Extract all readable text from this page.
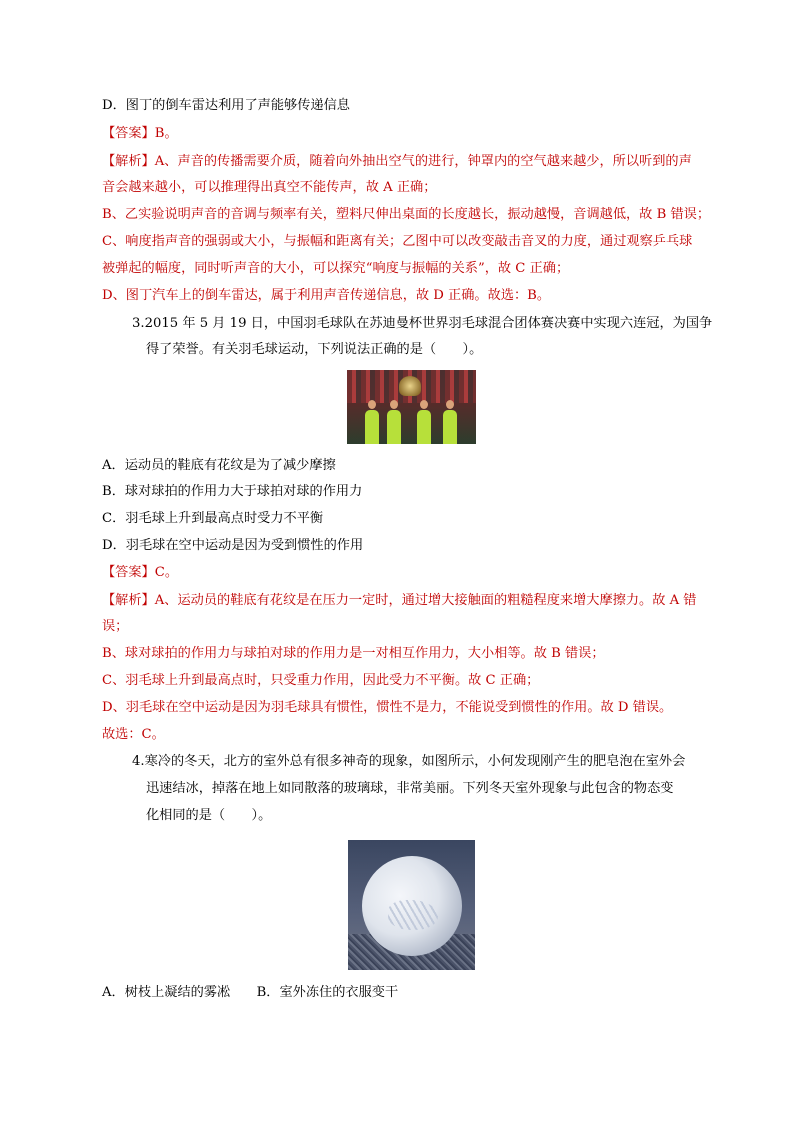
D．图丁的倒车雷达利用了声能够传递信息
【答案】B。
【解析】A、声音的传播需要介质，随着向外抽出空气的进行，钟罩内的空气越来越少，所以听到的声
音会越来越小，可以推理得出真空不能传声，故 A 正确；
B、乙实验说明声音的音调与频率有关，塑料尺伸出桌面的长度越长，振动越慢，音调越低，故 B 错误；
C、响度指声音的强弱或大小，与振幅和距离有关；乙图中可以改变敲击音叉的力度，通过观察乒乓球
被弹起的幅度，同时听声音的大小，可以探究“响度与振幅的关系”，故 C 正确；
D、图丁汽车上的倒车雷达，属于利用声音传递信息，故 D 正确。故选：B。
3.2015 年 5 月 19 日，中国羽毛球队在苏迪曼杯世界羽毛球混合团体赛决赛中实现六连冠，为国争
得了荣誉。有关羽毛球运动，下列说法正确的是（　　）。
A．运动员的鞋底有花纹是为了减少摩擦
B．球对球拍的作用力大于球拍对球的作用力
C．羽毛球上升到最高点时受力不平衡
D．羽毛球在空中运动是因为受到惯性的作用
【答案】C。
【解析】A、运动员的鞋底有花纹是在压力一定时，通过增大接触面的粗糙程度来增大摩擦力。故 A 错
误；
B、球对球拍的作用力与球拍对球的作用力是一对相互作用力，大小相等。故 B 错误；
C、羽毛球上升到最高点时，只受重力作用，因此受力不平衡。故 C 正确；
D、羽毛球在空中运动是因为羽毛球具有惯性，惯性不是力，不能说受到惯性的作用。故 D 错误。
故选：C。
4.寒冷的冬天，北方的室外总有很多神奇的现象，如图所示，小何发现刚产生的肥皂泡在室外会
迅速结冰，掉落在地上如同散落的玻璃球，非常美丽。下列冬天室外现象与此包含的物态变
化相同的是（　　）。
A．树枝上凝结的雾凇　　B．室外冻住的衣服变干
